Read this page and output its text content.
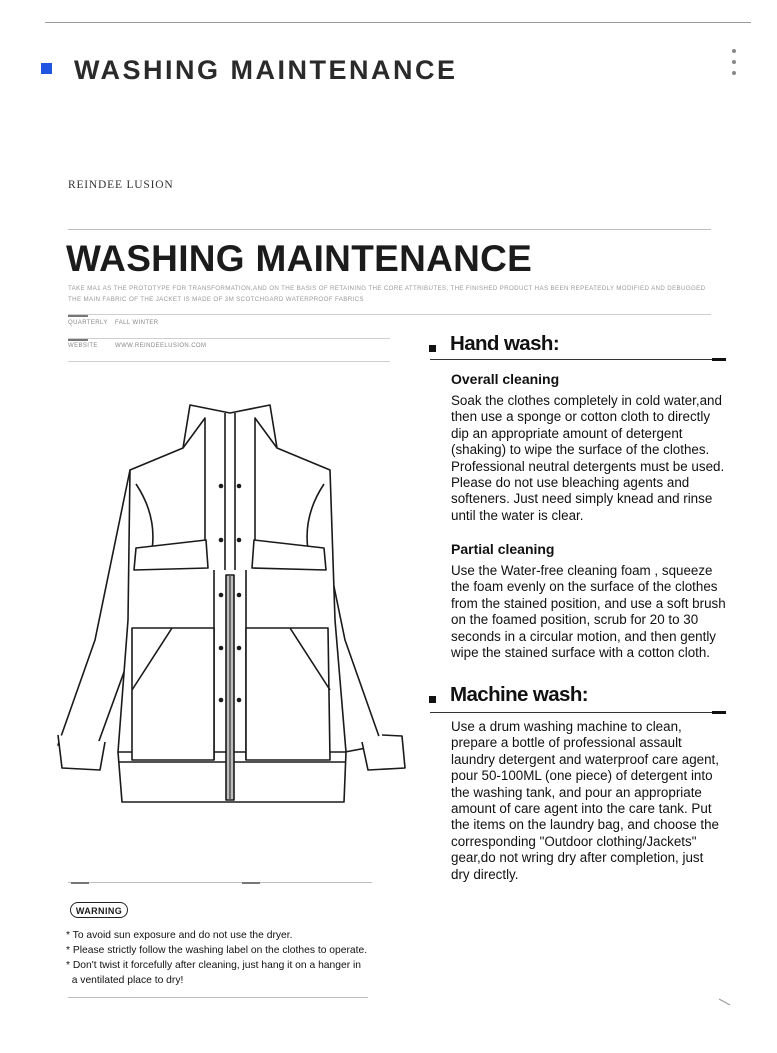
WASHING MAINTENANCE
REINDEE LUSION
WASHING MAINTENANCE
TAKE MA1 AS THE PROTOTYPE FOR TRANSFORMATION,AND ON THE BASIS OF RETAINING THE CORE ATTRIBUTES, THE FINISHED PRODUCT HAS BEEN REPEATEDLY MODIFIED AND DEBUGGED
THE MAIN FABRIC OF THE JACKET IS MADE OF 3M SCOTCHGARD WATERPROOF FABRICS
QUARTERLY FALL WINTER
WEBSITE	WWW.REINDEELUSION.COM	Hand wash:
Overall cleaning
Soak the clothes completely in cold water,and
then use a sponge or cotton cloth to directly
dip an appropriate amount of detergent
(shaking) to wipe the surface of the clothes.
Professional neutral detergents must be used.
Please do not use bleaching agents and
softeners. Just need simply knead and rinse
until the water is clear.
Partial cleaning
Use the Water-free cleaning foam , squeeze
the foam evenly on the surface of the clothes
from the stained position, and use a soft brush
on the foamed position, scrub for 20 to 30
seconds in a circular motion, and then gently
wipe the stained surface with a cotton cloth.
Machine wash:
Use a drum washing machine to clean,
prepare a bottle of professional assault
laundry detergent and waterproof care agent,
pour 50-100ML (one piece) of detergent into
the washing tank, and pour an appropriate
amount of care agent into the care tank. Put
the items on the laundry bag, and choose the
corresponding "Outdoor clothing/Jackets"
gear,do not wring dry after completion, just
dry directly.
WARNING
* To avoid sun exposure and do not use the dryer.
* Please strictly follow the washing label on the clothes to operate.
* Don't twist it forcefully after cleaning, just hang it on a hanger in
a ventilated place to dry!
